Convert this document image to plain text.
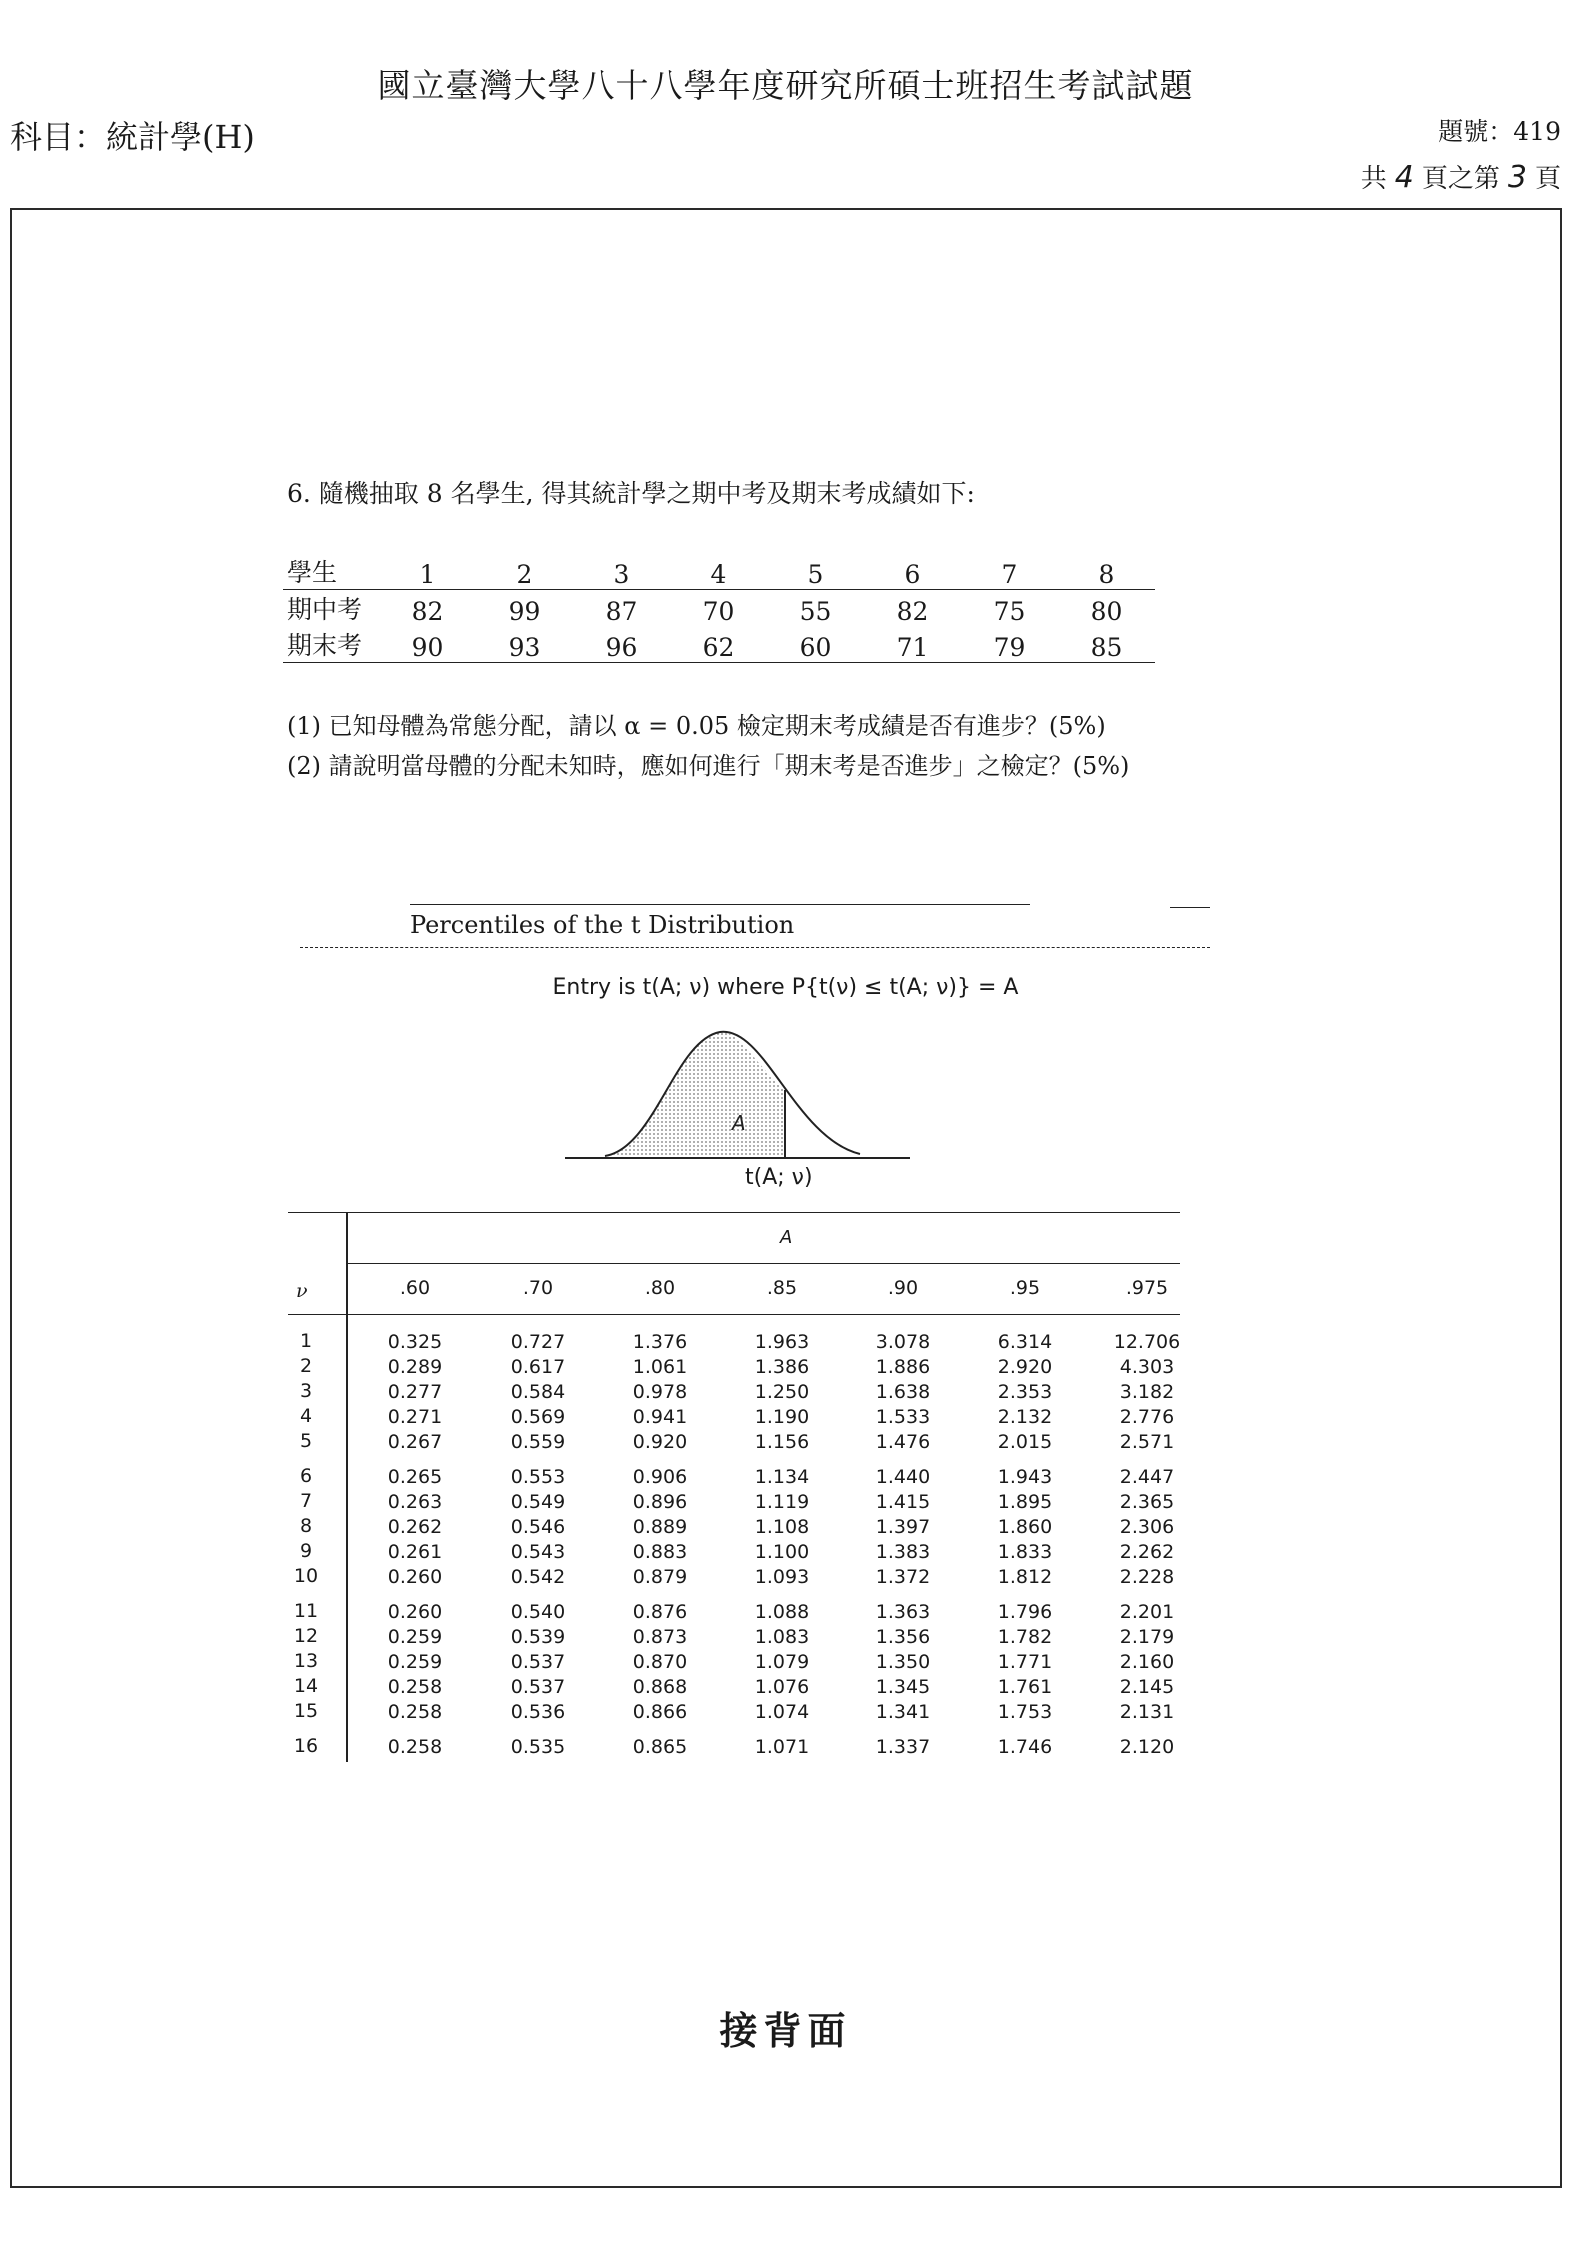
國立臺灣大學八十八學年度研究所碩士班招生考試試題
科目：統計學(H)	題號：419
共 4 頁之第 3 頁
6. 隨機抽取 8 名學生, 得其統計學之期中考及期末考成績如下:
學生	1	2	3	4	5	6	7	8
期中考	82	99	87	70	55	82	75	80
期末考	90	93	96	62	60	71	79	85
(1) 已知母體為常態分配，請以 α = 0.05 檢定期末考成績是否有進步？(5%)
(2) 請說明當母體的分配未知時，應如何進行「期末考是否進步」之檢定？(5%)
Percentiles of the t Distribution
Entry is t(A; ν) where P{t(ν) ≤ t(A; ν)} = A
A
t(A; ν)
A
ν	.60	.70	.80	.85	.90	.95	.975
1	0.325	0.727	1.376	1.963	3.078	6.314	12.706
2	0.289	0.617	1.061	1.386	1.886	2.920	4.303
3	0.277	0.584	0.978	1.250	1.638	2.353	3.182
4	0.271	0.569	0.941	1.190	1.533	2.132	2.776
5	0.267	0.559	0.920	1.156	1.476	2.015	2.571
6	0.265	0.553	0.906	1.134	1.440	1.943	2.447
7	0.263	0.549	0.896	1.119	1.415	1.895	2.365
8	0.262	0.546	0.889	1.108	1.397	1.860	2.306
9	0.261	0.543	0.883	1.100	1.383	1.833	2.262
10	0.260	0.542	0.879	1.093	1.372	1.812	2.228
11	0.260	0.540	0.876	1.088	1.363	1.796	2.201
12	0.259	0.539	0.873	1.083	1.356	1.782	2.179
13	0.259	0.537	0.870	1.079	1.350	1.771	2.160
14	0.258	0.537	0.868	1.076	1.345	1.761	2.145
15	0.258	0.536	0.866	1.074	1.341	1.753	2.131
16	0.258	0.535	0.865	1.071	1.337	1.746	2.120
接背面
